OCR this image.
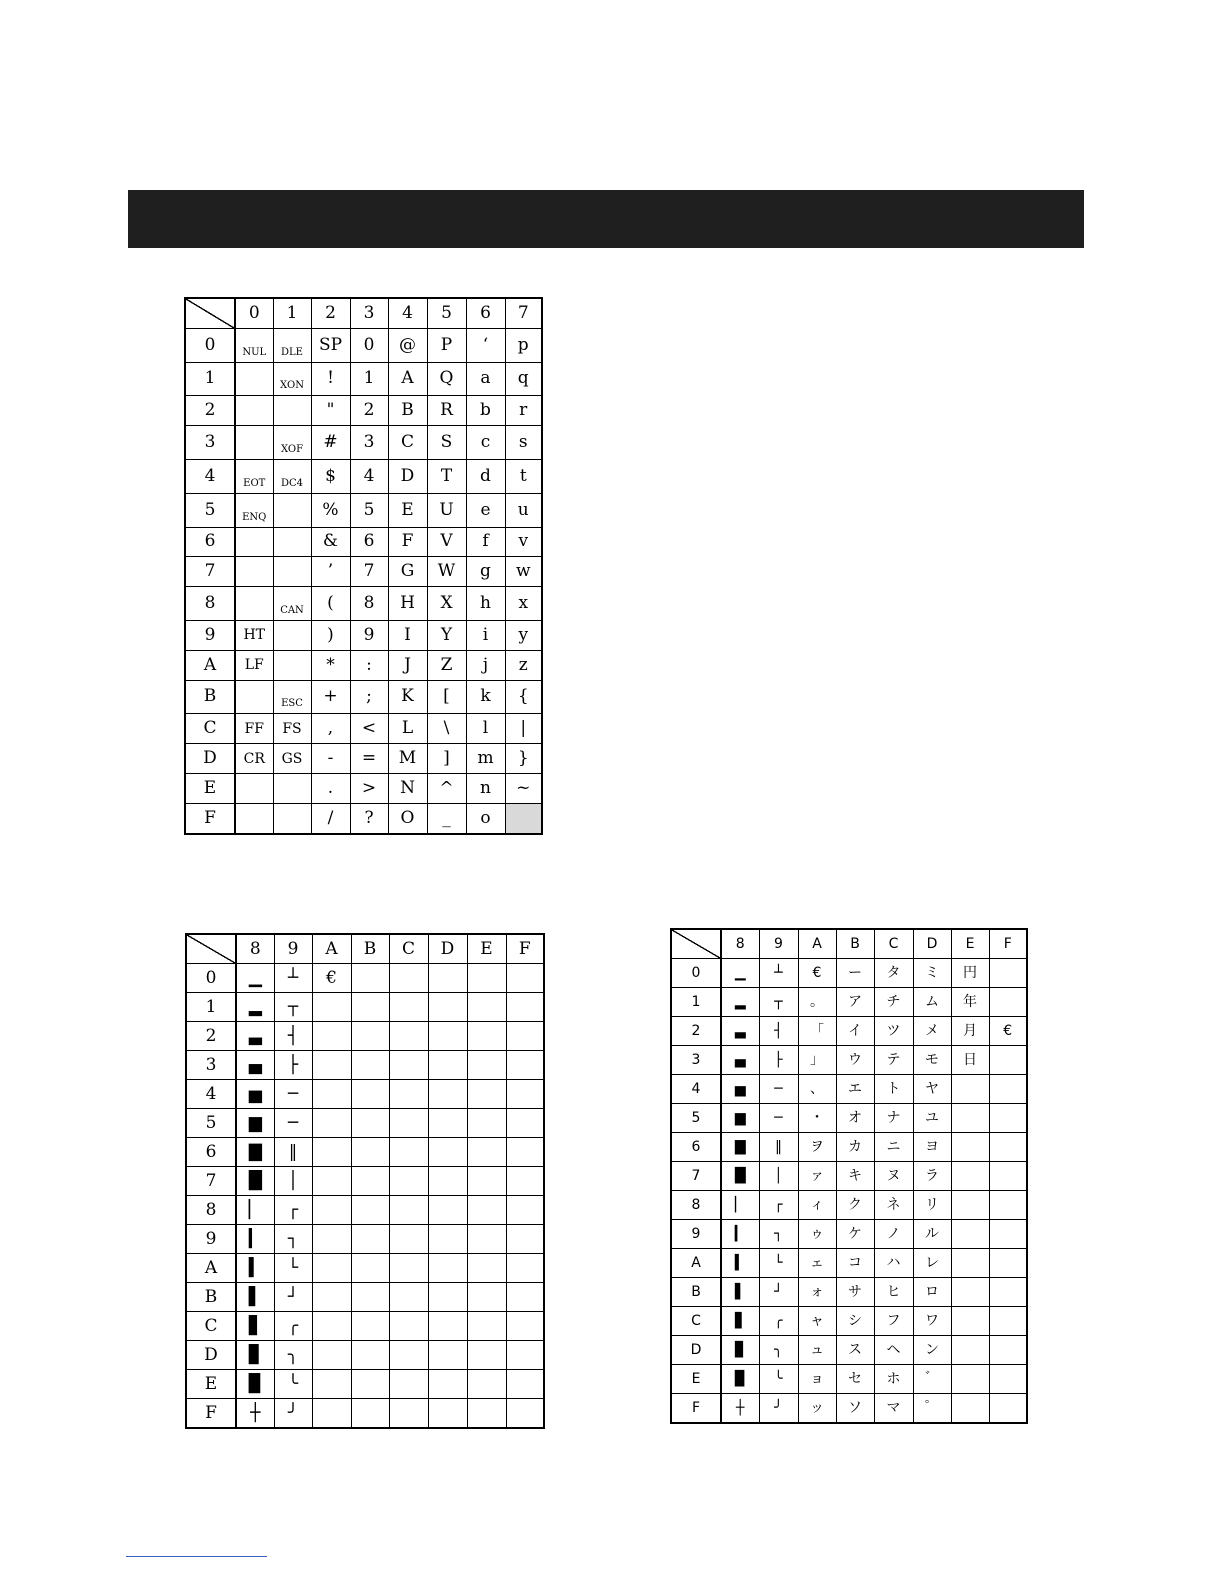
	0	1	2	3	4	5	6	7
0	NUL	DLE	SP	0	@	P	‘	p
1		XON	!	1	A	Q	a	q
2			"	2	B	R	b	r
3		XOF	#	3	C	S	c	s
4	EOT	DC4	$	4	D	T	d	t
5	ENQ		%	5	E	U	e	u
6			&	6	F	V	f	v
7			’	7	G	W	g	w
8		CAN	(	8	H	X	h	x
9	HT		)	9	I	Y	i	y
A	LF		*	:	J	Z	j	z
B		ESC	+	;	K	[	k	{
C	FF	FS	,	<	L	\	l	|
D	CR	GS	-	=	M	]	m	}
E			.	>	N	^	n	~
F			/	?	O	_	o	
	8	9	A	B	C	D	E	F
0	▁	┴	€					
1	▂	┬						
2	▃	┤						
3	▄	├						
4	▅	─						
5	▆	─						
6	▇	‖						
7	█	│						
8	▏	┌						
9	▎	┐						
A	▍	└						
B	▌	┘						
C	▋	╭						
D	▊	╮						
E	▉	╰						
F	┼	╯						
	8	9	A	B	C	D	E	F
0	▁	┴	€	ー	タ	ミ	円	
1	▂	┬	。	ア	チ	ム	年	
2	▃	┤	「	イ	ツ	メ	月	€
3	▄	├	」	ウ	テ	モ	日	
4	▅	─	、	エ	ト	ヤ		
5	▆	─	・	オ	ナ	ユ		
6	▇	‖	ヲ	カ	ニ	ヨ		
7	█	│	ァ	キ	ヌ	ラ		
8	▏	┌	ィ	ク	ネ	リ		
9	▎	┐	ゥ	ケ	ノ	ル		
A	▍	└	ェ	コ	ハ	レ		
B	▌	┘	ォ	サ	ヒ	ロ		
C	▋	╭	ャ	シ	フ	ワ		
D	▊	╮	ュ	ス	ヘ	ン		
E	▉	╰	ョ	セ	ホ	゛		
F	┼	╯	ッ	ソ	マ	゜		
